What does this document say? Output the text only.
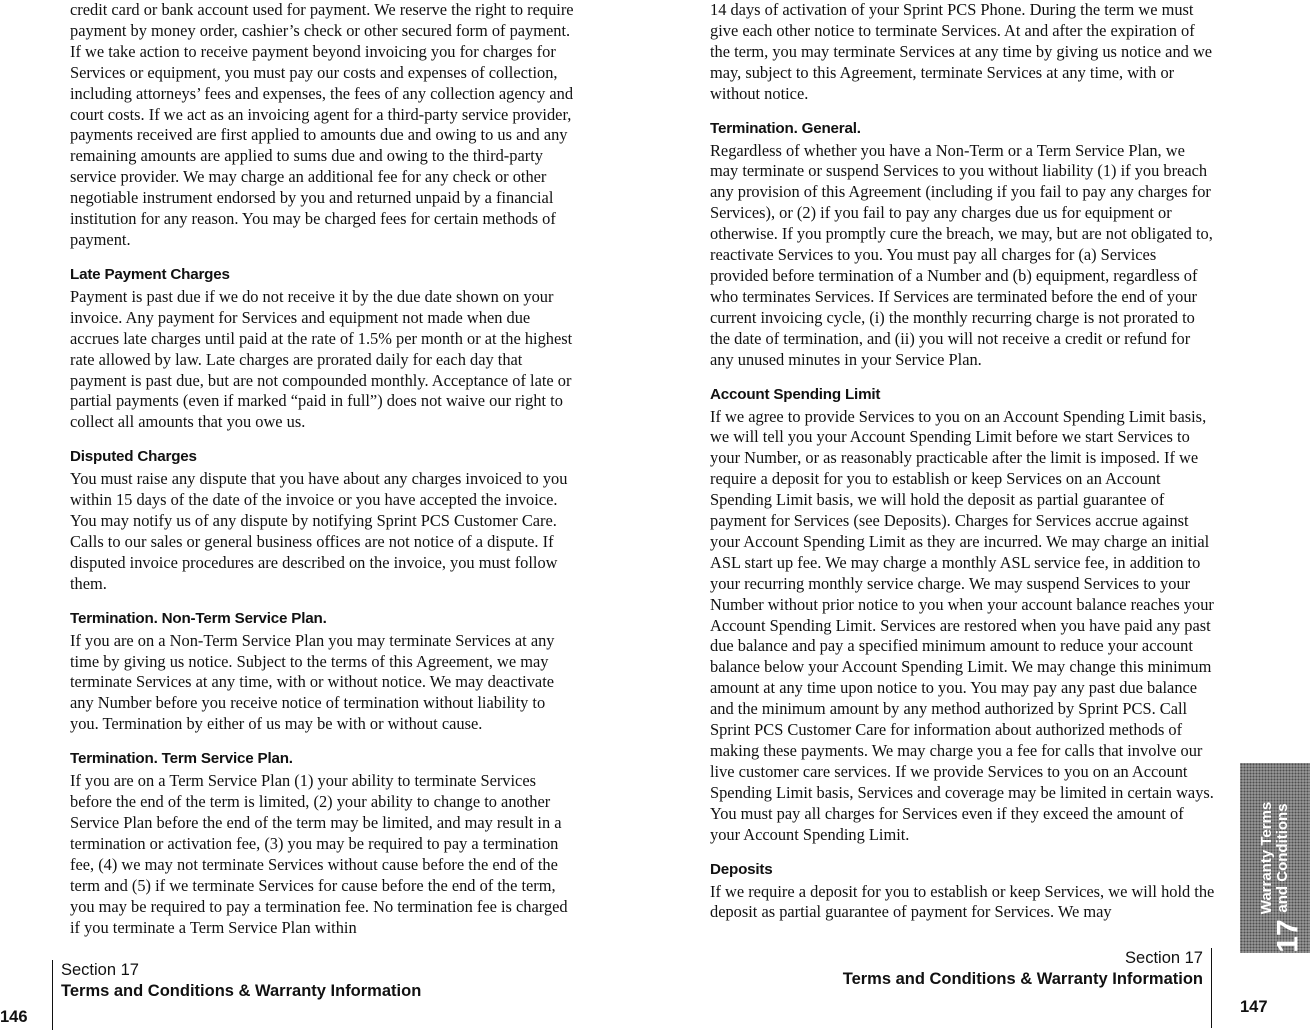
credit card or bank account used for payment. We reserve the right to require payment by money order, cashier’s check or other secured form of payment. If we take action to receive payment beyond invoicing you for charges for Services or equipment, you must pay our costs and expenses of collection, including attorneys’ fees and expenses, the fees of any collection agency and court costs. If we act as an invoicing agent for a third-party service provider, payments received are first applied to amounts due and owing to us and any remaining amounts are applied to sums due and owing to the third-party service provider. We may charge an additional fee for any check or other negotiable instrument endorsed by you and returned unpaid by a financial institution for any reason. You may be charged fees for certain methods of payment.

Late Payment Charges

Payment is past due if we do not receive it by the due date shown on your invoice. Any payment for Services and equipment not made when due accrues late charges until paid at the rate of 1.5% per month or at the highest rate allowed by law. Late charges are prorated daily for each day that payment is past due, but are not compounded monthly. Acceptance of late or partial payments (even if marked “paid in full”) does not waive our right to collect all amounts that you owe us.

Disputed Charges

You must raise any dispute that you have about any charges invoiced to you within 15 days of the date of the invoice or you have accepted the invoice. You may notify us of any dispute by notifying Sprint PCS Customer Care. Calls to our sales or general business offices are not notice of a dispute. If disputed invoice procedures are described on the invoice, you must follow them.

Termination. Non-Term Service Plan.

If you are on a Non-Term Service Plan you may terminate Services at any time by giving us notice. Subject to the terms of this Agreement, we may terminate Services at any time, with or without notice. We may deactivate any Number before you receive notice of termination without liability to you. Termination by either of us may be with or without cause.

Termination. Term Service Plan.

If you are on a Term Service Plan (1) your ability to terminate Services before the end of the term is limited, (2) your ability to change to another Service Plan before the end of the term may be limited, and may result in a termination or activation fee, (3) you may be required to pay a termination fee, (4) we may not terminate Services without cause before the end of the term and (5) if we terminate Services for cause before the end of the term, you may be required to pay a termination fee. No termination fee is charged if you terminate a Term Service Plan within

14 days of activation of your Sprint PCS Phone. During the term we must give each other notice to terminate Services. At and after the expiration of the term, you may terminate Services at any time by giving us notice and we may, subject to this Agreement, terminate Services at any time, with or without notice.

Termination. General.

Regardless of whether you have a Non-Term or a Term Service Plan, we may terminate or suspend Services to you without liability (1) if you breach any provision of this Agreement (including if you fail to pay any charges for Services), or (2) if you fail to pay any charges due us for equipment or otherwise. If you promptly cure the breach, we may, but are not obligated to, reactivate Services to you. You must pay all charges for (a) Services provided before termination of a Number and (b) equipment, regardless of who terminates Services. If Services are terminated before the end of your current invoicing cycle, (i) the monthly recurring charge is not prorated to the date of termination, and (ii) you will not receive a credit or refund for any unused minutes in your Service Plan.

Account Spending Limit

If we agree to provide Services to you on an Account Spending Limit basis, we will tell you your Account Spending Limit before we start Services to your Number, or as reasonably practicable after the limit is imposed. If we require a deposit for you to establish or keep Services on an Account Spending Limit basis, we will hold the deposit as partial guarantee of payment for Services (see Deposits). Charges for Services accrue against your Account Spending Limit as they are incurred. We may charge an initial ASL start up fee. We may charge a monthly ASL service fee, in addition to your recurring monthly service charge. We may suspend Services to your Number without prior notice to you when your account balance reaches your Account Spending Limit. Services are restored when you have paid any past due balance and pay a specified minimum amount to reduce your account balance below your Account Spending Limit. We may change this minimum amount at any time upon notice to you. You may pay any past due balance and the minimum amount by any method authorized by Sprint PCS. Call Sprint PCS Customer Care for information about authorized methods of making these payments. We may charge you a fee for calls that involve our live customer care services. If we provide Services to you on an Account Spending Limit basis, Services and coverage may be limited in certain ways. You must pay all charges for Services even if they exceed the amount of your Account Spending Limit.

Deposits

If we require a deposit for you to establish or keep Services, we will hold the deposit as partial guarantee of payment for Services. We may

Section 17
Terms and Conditions & Warranty Information
146
Section 17
Terms and Conditions & Warranty Information
147
Warranty Terms and Conditions
17
